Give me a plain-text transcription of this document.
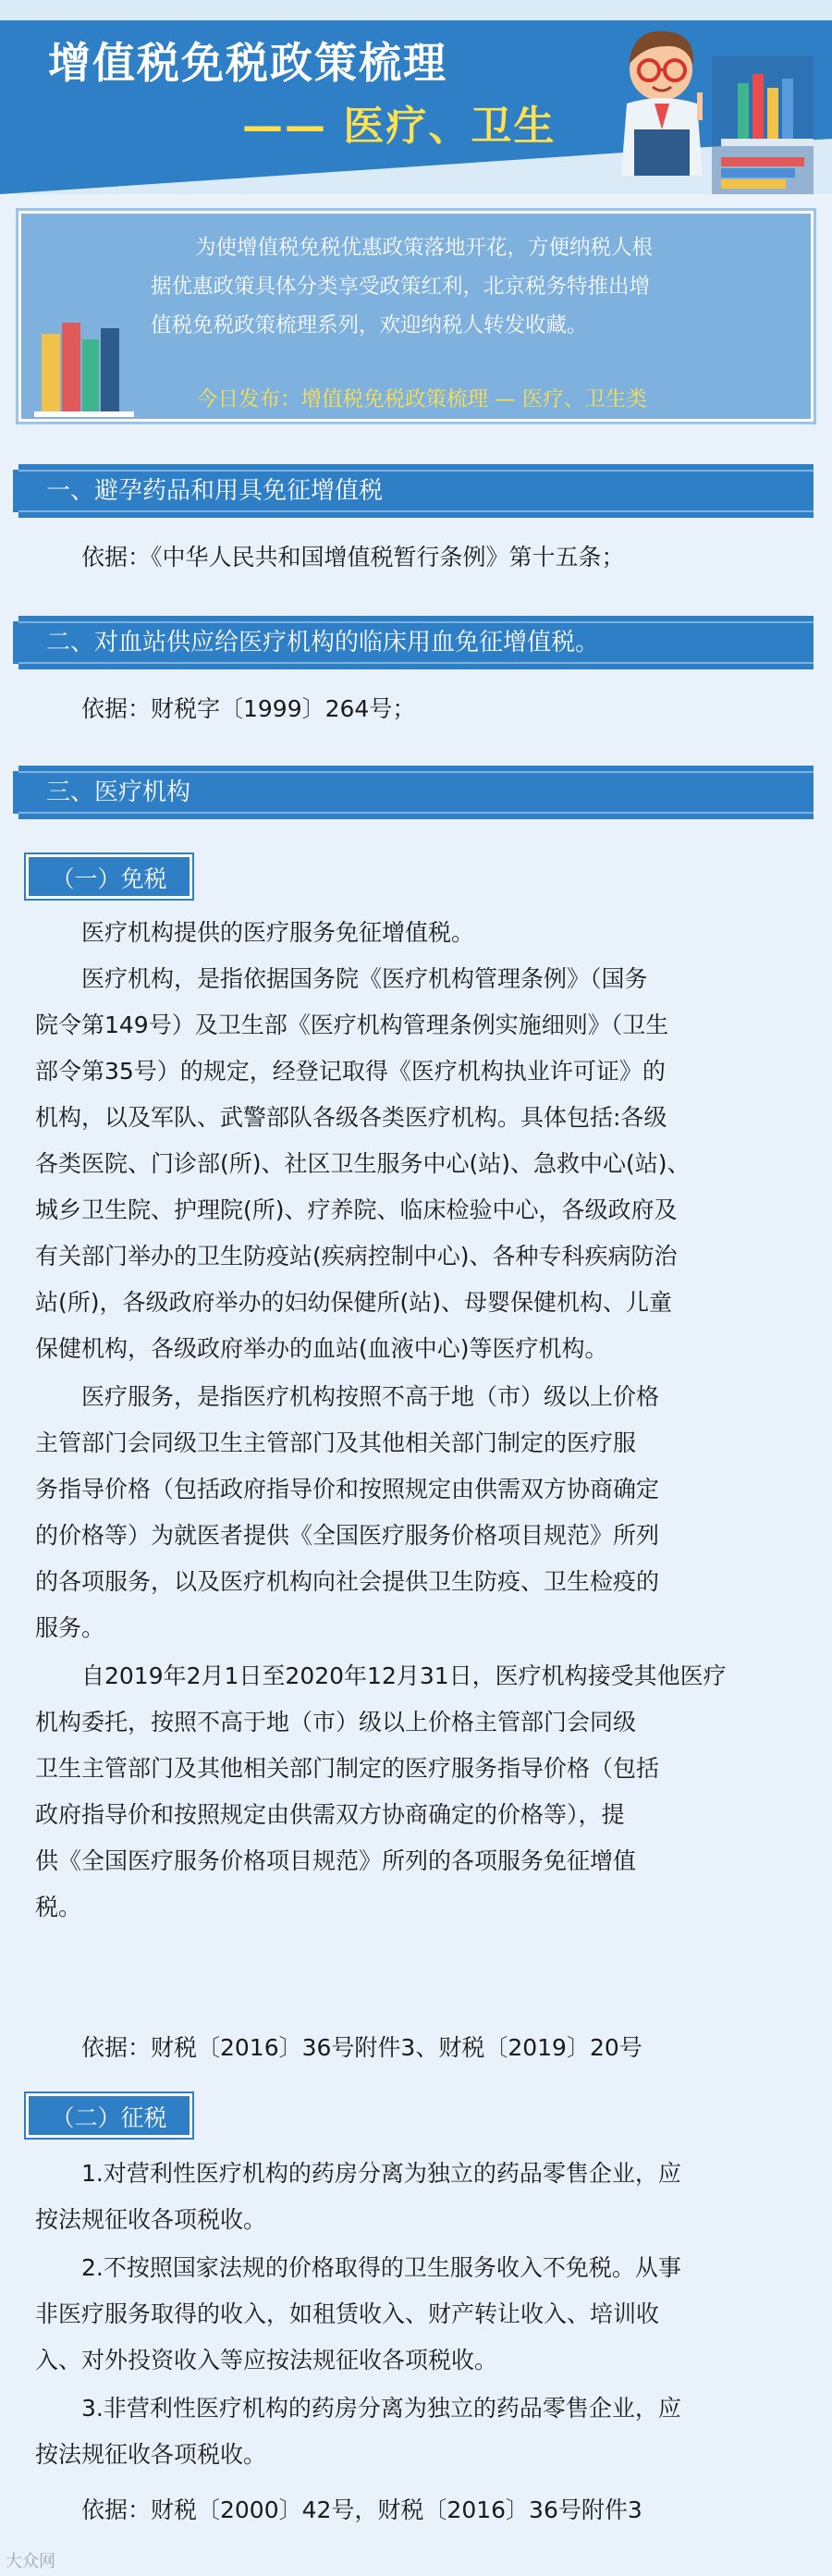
增值税免税政策梳理
—— 医疗、卫生
为使增值税免税优惠政策落地开花，方便纳税人根
据优惠政策具体分类享受政策红利，北京税务特推出增
值税免税政策梳理系列，欢迎纳税人转发收藏。
今日发布：增值税免税政策梳理 — 医疗、卫生类
一、避孕药品和用具免征增值税
依据：《中华人民共和国增值税暂行条例》第十五条；
二、对血站供应给医疗机构的临床用血免征增值税。
依据：财税字〔1999〕264号；
三、医疗机构
（一）免税
医疗机构提供的医疗服务免征增值税。
医疗机构，是指依据国务院《医疗机构管理条例》（国务
院令第149号）及卫生部《医疗机构管理条例实施细则》（卫生
部令第35号）的规定，经登记取得《医疗机构执业许可证》的
机构，以及军队、武警部队各级各类医疗机构。具体包括:各级
各类医院、门诊部(所)、社区卫生服务中心(站)、急救中心(站)、
城乡卫生院、护理院(所)、疗养院、临床检验中心，各级政府及
有关部门举办的卫生防疫站(疾病控制中心)、各种专科疾病防治
站(所)，各级政府举办的妇幼保健所(站)、母婴保健机构、儿童
保健机构，各级政府举办的血站(血液中心)等医疗机构。
医疗服务，是指医疗机构按照不高于地（市）级以上价格
主管部门会同级卫生主管部门及其他相关部门制定的医疗服
务指导价格（包括政府指导价和按照规定由供需双方协商确定
的价格等）为就医者提供《全国医疗服务价格项目规范》所列
的各项服务，以及医疗机构向社会提供卫生防疫、卫生检疫的
服务。
自2019年2月1日至2020年12月31日，医疗机构接受其他医疗
机构委托，按照不高于地（市）级以上价格主管部门会同级
卫生主管部门及其他相关部门制定的医疗服务指导价格（包括
政府指导价和按照规定由供需双方协商确定的价格等），提
供《全国医疗服务价格项目规范》所列的各项服务免征增值
税。
依据：财税〔2016〕36号附件3、财税〔2019〕20号
（二）征税
1.对营利性医疗机构的药房分离为独立的药品零售企业，应
按法规征收各项税收。
2.不按照国家法规的价格取得的卫生服务收入不免税。从事
非医疗服务取得的收入，如租赁收入、财产转让收入、培训收
入、对外投资收入等应按法规征收各项税收。
3.非营利性医疗机构的药房分离为独立的药品零售企业，应
按法规征收各项税收。
依据：财税〔2000〕42号，财税〔2016〕36号附件3
大众网
